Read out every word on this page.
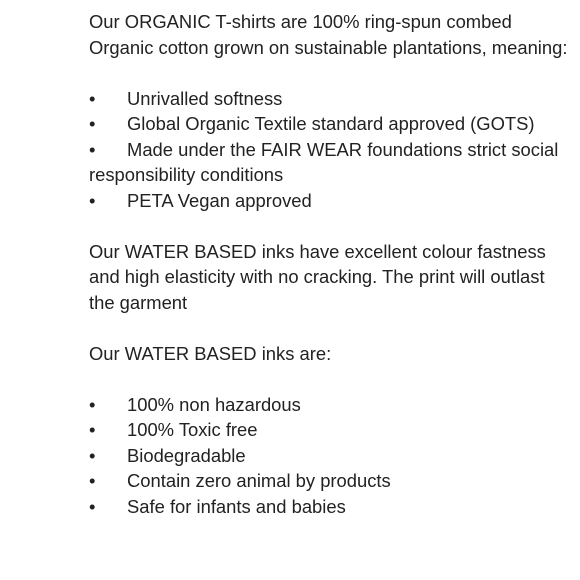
Our ORGANIC T-shirts are 100% ring-spun combed Organic cotton grown on sustainable plantations, meaning:

• Unrivalled softness

• Global Organic Textile standard approved (GOTS)

• Made under the FAIR WEAR foundations strict social responsibility conditions

• PETA Vegan approved

Our WATER BASED inks have excellent colour fastness and high elasticity with no cracking. The print will outlast the garment

Our WATER BASED inks are:

• 100% non hazardous

• 100% Toxic free

• Biodegradable

• Contain zero animal by products

• Safe for infants and babies
